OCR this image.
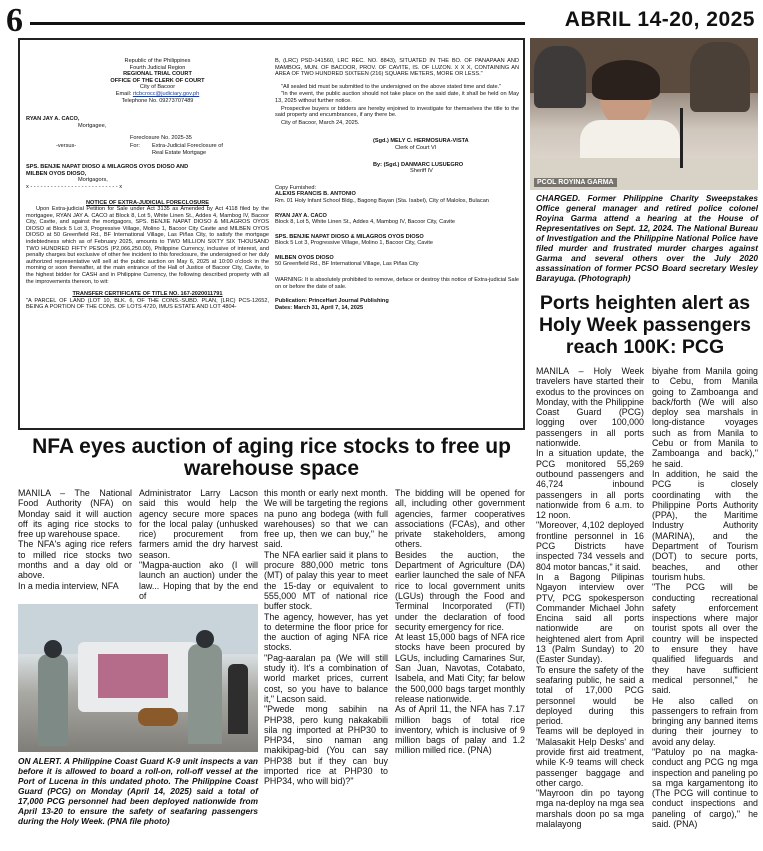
6	ABRIL 14-20, 2025
Republic of the Philippines
Fourth Judicial Region
REGIONAL TRIAL COURT
OFFICE OF THE CLERK OF COURT
City of Bacoor
Email: rtcbcrocc@judiciary.gov.ph
Telephone No. 09273707489
RYAN JAY A. CACO,
Mortgagee,
Foreclosure No. 2025-35
-versus-	For:	Extra-Judicial Foreclosure of Real Estate Mortgage
SPS. BENJIE NAPAT DIOSO & MILAGROS OYOS DIOSO AND MILBEN OYOS DIOSO,
Mortgagors,
x - - - - - - - - - - - - - - - - - - - - - - - - - - x
NOTICE OF EXTRA-JUDICIAL FORECLOSURE

Upon Extra-judicial Petition for Sale under Act 3135 as Amended by Act 4118 filed by the mortgagee, RYAN JAY A. CACO at Block 8, Lot 5, White Linen St., Addes 4, Mambog IV, Bacoor City, Cavite, and against the mortgagors, SPS. BENJIE NAPAT DIOSO & MILAGROS OYOS DIOSO at Block 5 Lot 3, Progressive Village, Molino 1, Bacoor City Cavite and MILBEN OYOS DIOSO at 50 Greenfield Rd., BF International Village, Las Piñas City, to satisfy the mortgage indebtedness which as of February 2025, amounts to TWO MILLION SIXTY SIX THOUSAND TWO HUNDRED FIFTY PESOS (P2,066,250.00), Philippine Currency, inclusive of interest, and penalty charges but exclusive of other fee incident to this foreclosure, the undersigned or her duly authorized representative will sell at the public auction on May 6, 2025 at 10:00 o'clock in the morning or soon thereafter, at the main entrance of the Hall of Justice of Bacoor City, Cavite, to the highest bidder for CASH and in Philippine Currency, the following described property with all the improvements thereon, to wit:

TRANSFER CERTIFICATE OF TITLE NO. 167-2020011791

"A PARCEL OF LAND (LOT 10, BLK. 6, OF THE CONS.-SUBD. PLAN, (LRC) PCS-12652, BEING A PORTION OF THE CONS. OF LOTS 4720, IMUS ESTATE AND LOT 4804-

B, (LRC) PSD-141560, LRC REC. NO. 8843), SITUATED IN THE BO. OF PANAPAAN AND MAMBOG, MUN. OF BACOOR, PROV. OF CAVITE, IS. OF LUZON. X X X, CONTAINING AN AREA OF TWO HUNDRED SIXTEEN (216) SQUARE METERS, MORE OR LESS."

"All sealed bid must be submitted to the undersigned on the above stated time and date."

"In the event, the public auction should not take place on the said date, it shall be held on May 13, 2025 without further notice.

Prospective buyers or bidders are hereby enjoined to investigate for themselves the title to the said property and encumbrances, if any there be.

City of Bacoor, March 24, 2025.

(Sgd.) MELY C. HERMOSURA-VISTA
Clerk of Court VI
By: (Sgd.) DANMARC LUSUEGRO
Sheriff IV
Copy Furnished:
ALEXIS FRANCIS B. ANTONIO
Rm. 01 Holy Infant School Bldg., Bagong Bayan (Sta. Isabel), City of Malolos, Bulacan
RYAN JAY A. CACO
Block 8, Lot 5, White Linen St., Addes 4, Mambog IV, Bacoor City, Cavite
SPS. BENJIE NAPAT DIOSO & MILAGROS OYOS DIOSO
Block 5 Lot 3, Progressive Village, Molino 1, Bacoor City, Cavite
MILBEN OYOS DIOSO
50 Greenfield Rd., BF International Village, Las Piñas City

WARNING: It is absolutely prohibited to remove, deface or destroy this notice of Extra-judicial Sale on or before the date of sale.

Publication: PrinceHart Journal Publishing
Dates: March 31, April 7, 14, 2025
PCOL ROYINA GARMA
CHARGED. Former Philippine Charity Sweepstakes Office general manager and retired police colonel Royina Garma attend a hearing at the House of Representatives on Sept. 12, 2024. The National Bureau of Investigation and the Philippine National Police have filed murder and frustrated murder charges against Garma and several others over the July 2020 assassination of former PCSO Board secretary Wesley Barayuga. (Photograph)
Ports heighten alert as Holy Week passengers reach 100K: PCG
MANILA – Holy Week travelers have started their exodus to the provinces on Monday, with the Philippine Coast Guard (PCG) logging over 100,000 passengers in all ports nationwide.
In a situation update, the PCG monitored 55,269 outbound passengers and 46,724 inbound passengers in all ports nationwide from 6 a.m. to 12 noon.
"Moreover, 4,102 deployed frontline personnel in 16 PCG Districts have inspected 734 vessels and 804 motor bancas," it said.
In a Bagong Pilipinas Ngayon interview over PTV, PCG spokesperson Commander Michael John Encina said all ports nationwide are on heightened alert from April 13 (Palm Sunday) to 20 (Easter Sunday).
To ensure the safety of the seafaring public, he said a total of 17,000 PCG personnel would be deployed during this period.
Teams will be deployed in 'Malasakit Help Desks' and provide first aid treatment, while K-9 teams will check passenger baggage and other cargo.
"Mayroon din po tayong mga na-deploy na mga sea marshals doon po sa mga malalayong
biyahe from Manila going to Cebu, from Manila going to Zamboanga and back/forth (We will also deploy sea marshals in long-distance voyages such as from Manila to Cebu or from Manila to Zamboanga and back)," he said.
In addition, he said the PCG is closely coordinating with the Philippine Ports Authority (PPA), the Maritime Industry Authority (MARINA), and the Department of Tourism (DOT) to secure ports, beaches, and other tourism hubs.
"The PCG will be conducting recreational safety enforcement inspections where major tourist spots all over the country will be inspected to ensure they have qualified lifeguards and they have sufficient medical personnel," he said.
He also called on passengers to refrain from bringing any banned items during their journey to avoid any delay.
"Patuloy po na magka-conduct ang PCG ng mga inspection and paneling po sa mga kargamentong ito (The PCG will continue to conduct inspections and paneling of cargo)," he said. (PNA)
NFA eyes auction of aging rice stocks to free up warehouse space
MANILA – The National Food Authority (NFA) on Monday said it will auction off its aging rice stocks to free up warehouse space.
The NFA's aging rice refers to milled rice stocks two months and a day old or above.
In a media interview, NFA
Administrator Larry Lacson said this would help the agency secure more spaces for the local palay (unhusked rice) procurement from farmers amid the dry harvest season.
"Magpa-auction ako (I will launch an auction) under the law... Hoping that by the end of
this month or early next month. We will be targeting the regions na puno ang bodega (with full warehouses) so that we can free up, then we can buy," he said.
The NFA earlier said it plans to procure 880,000 metric tons (MT) of palay this year to meet the 15-day or equivalent to 555,000 MT of national rice buffer stock.
The agency, however, has yet to determine the floor price for the auction of aging NFA rice stocks.
"Pag-aaralan pa (We will still study it). It's a combination of world market prices, current cost, so you have to balance it," Lacson said.
"Pwede mong sabihin na PHP38, pero kung nakakabili sila ng imported at PHP30 to PHP34, sino naman ang makikipag-bid (You can say PHP38 but if they can buy imported rice at PHP30 to PHP34, who will bid)?"
The bidding will be opened for all, including other government agencies, farmer cooperatives associations (FCAs), and other private stakeholders, among others.
Besides the auction, the Department of Agriculture (DA) earlier launched the sale of NFA rice to local government units (LGUs) through the Food and Terminal Incorporated (FTI) under the declaration of food security emergency for rice.
At least 15,000 bags of NFA rice stocks have been procured by LGUs, including Camarines Sur, San Juan, Navotas, Cotabato, Isabela, and Mati City; far below the 500,000 bags target monthly release nationwide.
As of April 11, the NFA has 7.17 million bags of total rice inventory, which is inclusive of 9 million bags of palay and 1.2 million milled rice. (PNA)
ON ALERT. A Philippine Coast Guard K-9 unit inspects a van before it is allowed to board a roll-on, roll-off vessel at the Port of Lucena in this undated photo. The Philippine Coast Guard (PCG) on Monday (April 14, 2025) said a total of 17,000 PCG personnel had been deployed nationwide from April 13-20 to ensure the safety of seafaring passengers during the Holy Week. (PNA file photo)
